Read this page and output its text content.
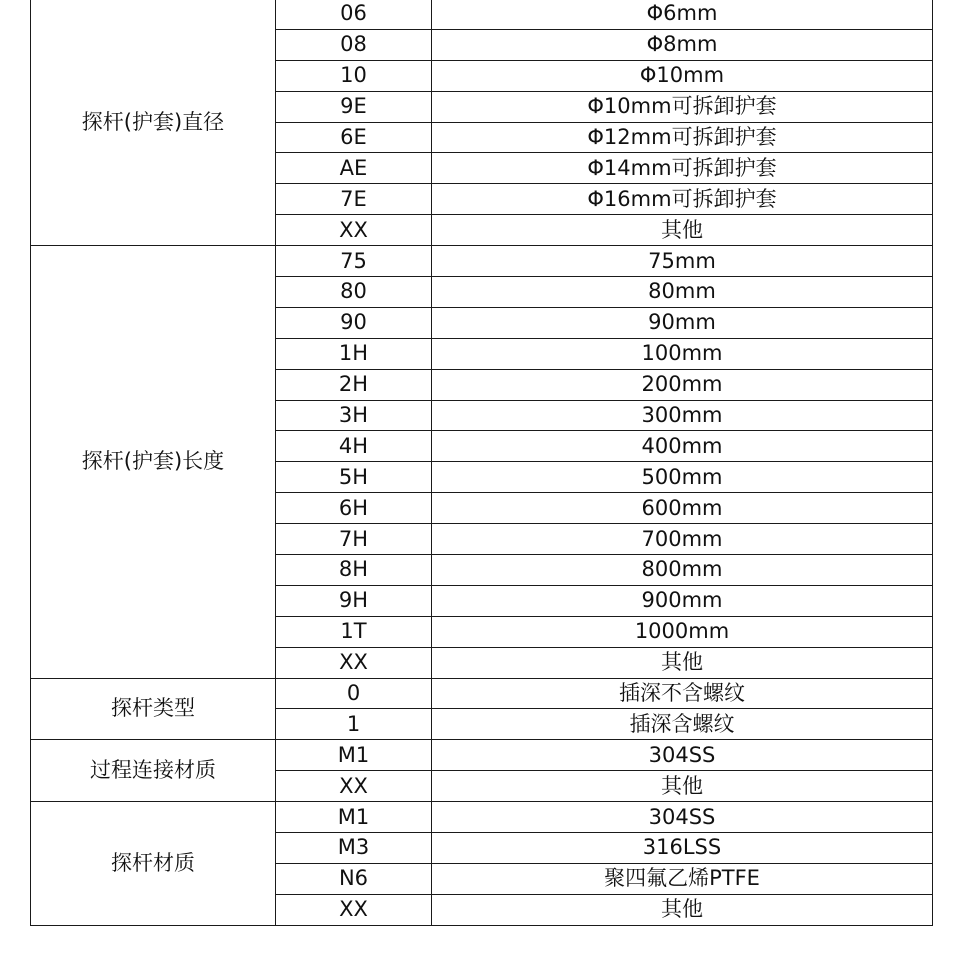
探杆(护套)直径	06	Φ6mm
	08	Φ8mm
	10	Φ10mm
	9E	Φ10mm可拆卸护套
	6E	Φ12mm可拆卸护套
	AE	Φ14mm可拆卸护套
	7E	Φ16mm可拆卸护套
	XX	其他
探杆(护套)长度	75	75mm
	80	80mm
	90	90mm
	1H	100mm
	2H	200mm
	3H	300mm
	4H	400mm
	5H	500mm
	6H	600mm
	7H	700mm
	8H	800mm
	9H	900mm
	1T	1000mm
	XX	其他
探杆类型	0	插深不含螺纹
	1	插深含螺纹
过程连接材质	M1	304SS
	XX	其他
探杆材质	M1	304SS
	M3	316LSS
	N6	聚四氟乙烯PTFE
	XX	其他
